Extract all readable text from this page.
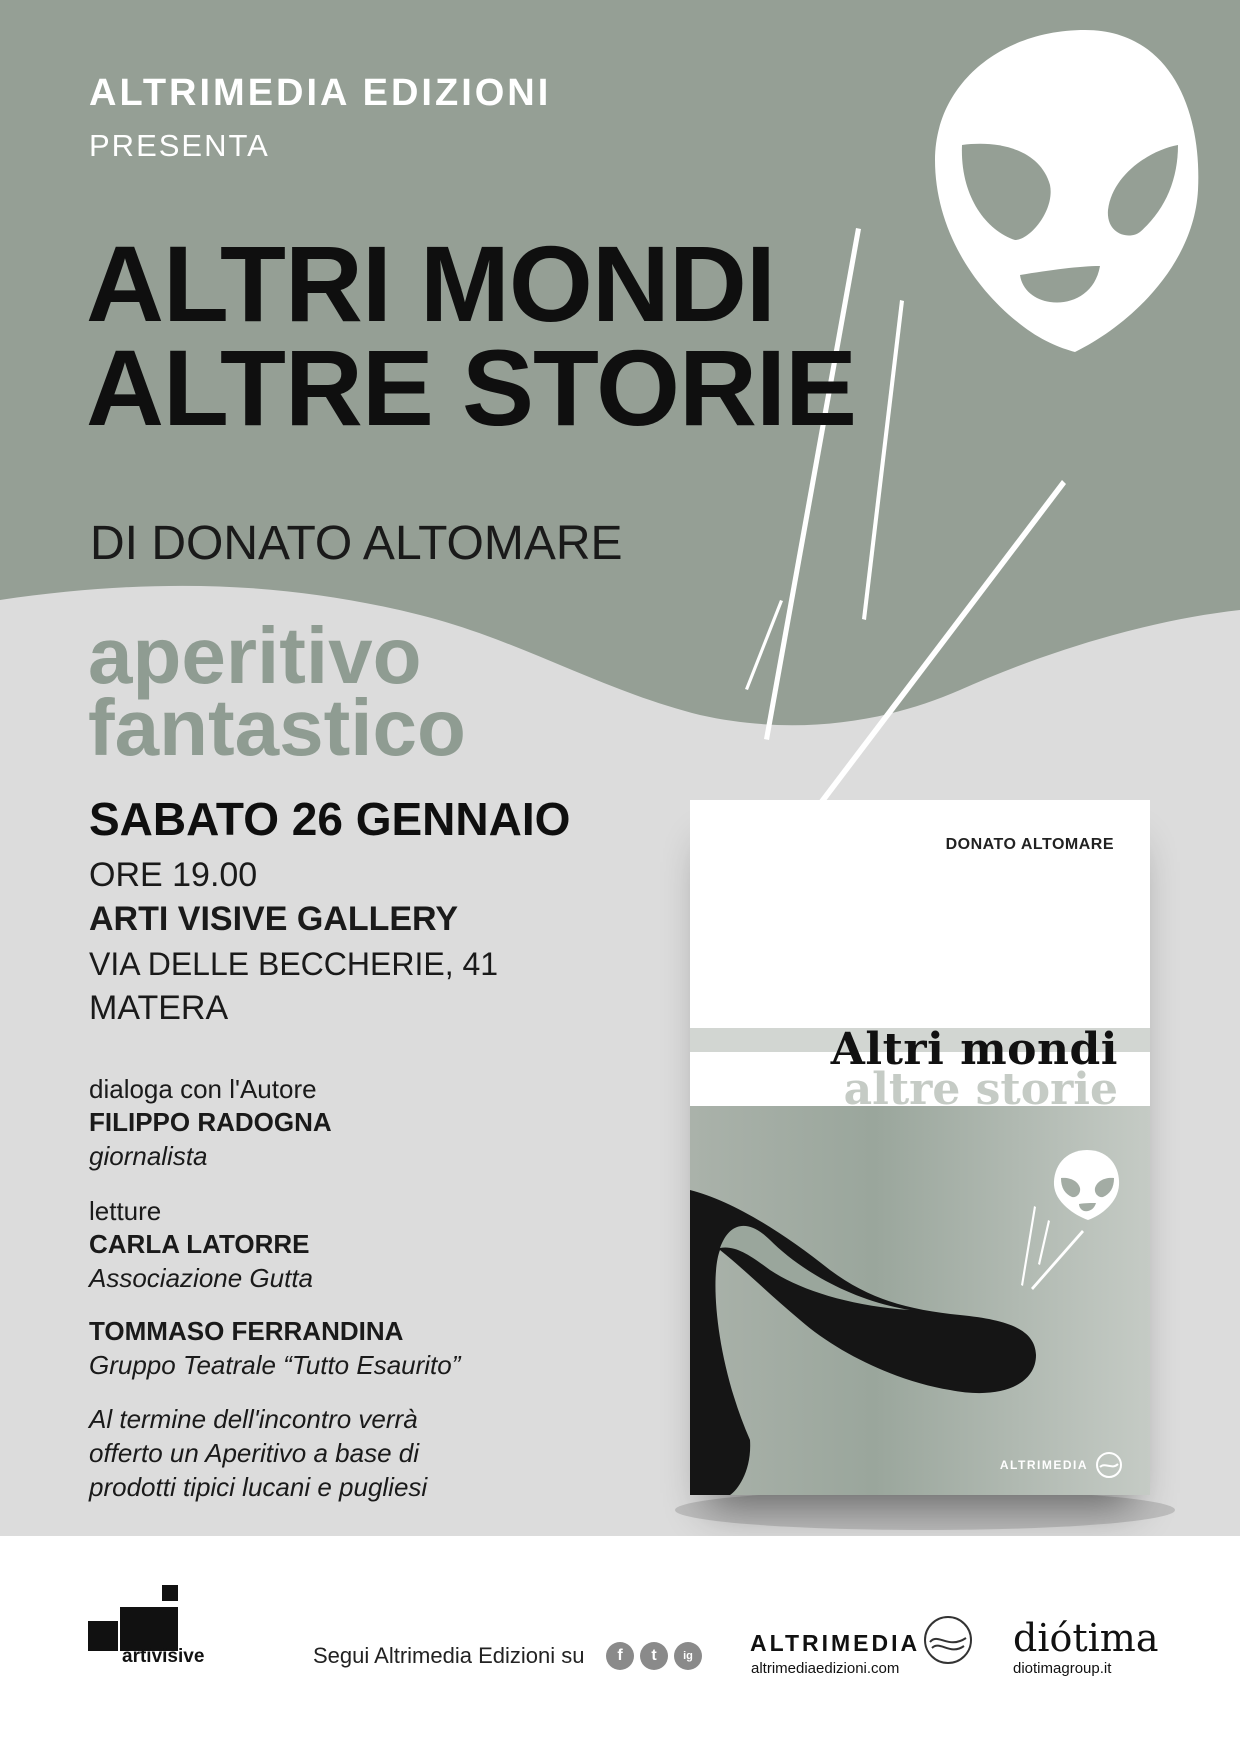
ALTRIMEDIA EDIZIONI
PRESENTA
ALTRI MONDI
ALTRE STORIE
DI DONATO ALTOMARE
aperitivo
fantastico
SABATO 26 GENNAIO
ORE 19.00
ARTI VISIVE GALLERY
VIA DELLE BECCHERIE, 41
MATERA
dialoga con l'Autore
FILIPPO RADOGNA
giornalista
letture
CARLA LATORRE
Associazione Gutta
TOMMASO FERRANDINA
Gruppo Teatrale “Tutto Esaurito”
Al termine dell'incontro verrà
offerto un Aperitivo a base di
prodotti tipici lucani e pugliesi
DONATO ALTOMARE
altre storie
Altri mondi
ALTRIMEDIA
artivisive	Segui Altrimedia Edizioni su	f	t	ig	ALTRIMEDIA
altrimediaedizioni.com
diótima
diotimagroup.it
